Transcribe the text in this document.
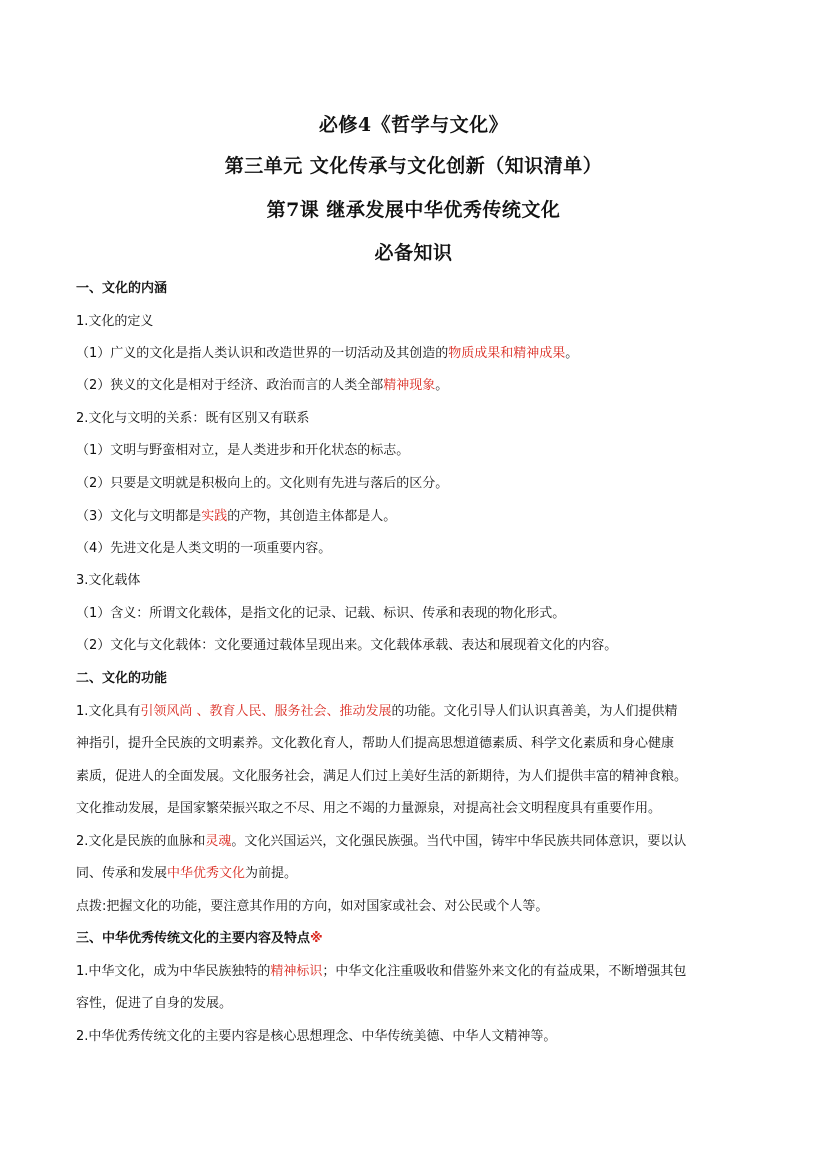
必修4《哲学与文化》
第三单元 文化传承与文化创新（知识清单）
第7课 继承发展中华优秀传统文化
必备知识
一、文化的内涵
1.文化的定义
（1）广义的文化是指人类认识和改造世界的一切活动及其创造的物质成果和精神成果。
（2）狭义的文化是相对于经济、政治而言的人类全部精神现象。
2.文化与文明的关系：既有区别又有联系
（1）文明与野蛮相对立，是人类进步和开化状态的标志。
（2）只要是文明就是积极向上的。文化则有先进与落后的区分。
（3）文化与文明都是实践的产物，其创造主体都是人。
（4）先进文化是人类文明的一项重要内容。
3.文化载体
（1）含义：所谓文化载体，是指文化的记录、记载、标识、传承和表现的物化形式。
（2）文化与文化载体：文化要通过载体呈现出来。文化载体承载、表达和展现着文化的内容。
二、文化的功能
1.文化具有引领风尚 、教育人民、服务社会、推动发展的功能。文化引导人们认识真善美，为人们提供精
神指引，提升全民族的文明素养。文化教化育人，帮助人们提高思想道德素质、科学文化素质和身心健康
素质，促进人的全面发展。文化服务社会，满足人们过上美好生活的新期待，为人们提供丰富的精神食粮。
文化推动发展，是国家繁荣振兴取之不尽、用之不竭的力量源泉，对提高社会文明程度具有重要作用。
2.文化是民族的血脉和灵魂。文化兴国运兴，文化强民族强。当代中国，铸牢中华民族共同体意识，要以认
同、传承和发展中华优秀文化为前提。
点拨:把握文化的功能，要注意其作用的方向，如对国家或社会、对公民或个人等。
三、中华优秀传统文化的主要内容及特点※
1.中华文化，成为中华民族独特的精神标识；中华文化注重吸收和借鉴外来文化的有益成果，不断增强其包
容性，促进了自身的发展。
2.中华优秀传统文化的主要内容是核心思想理念、中华传统美德、中华人文精神等。
